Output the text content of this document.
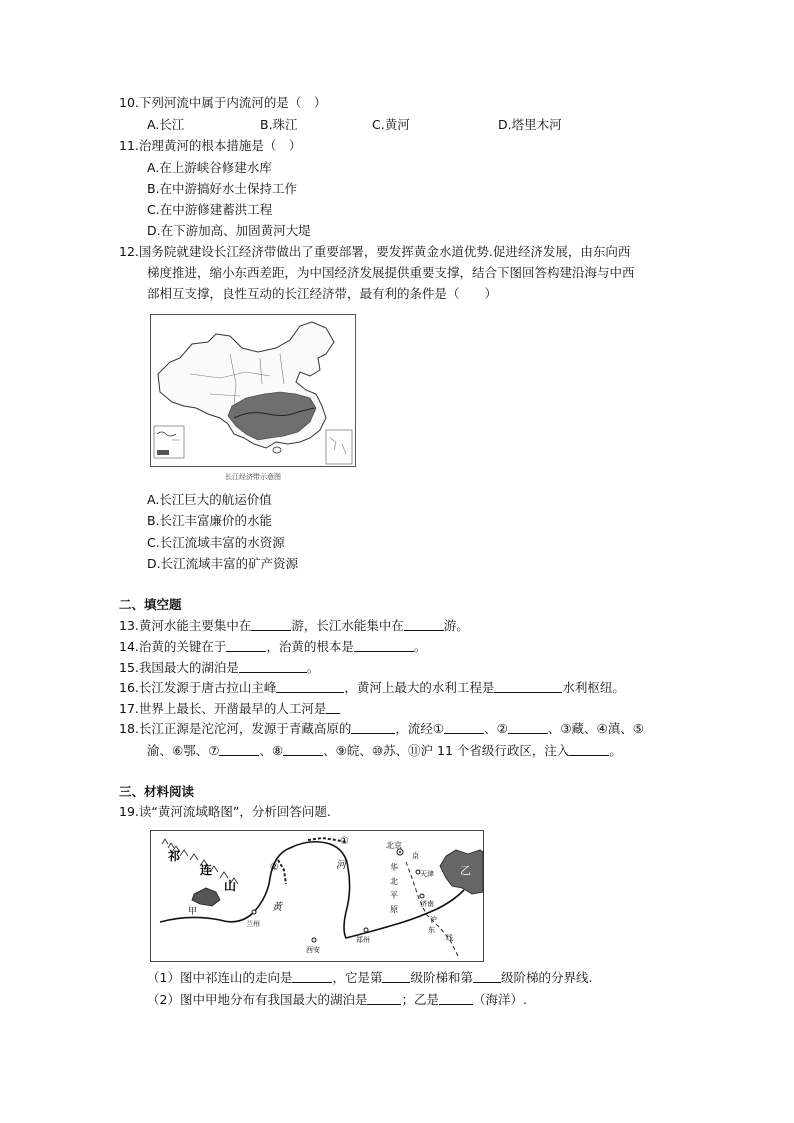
10.下列河流中属于内流河的是（　）
A.长江	B.珠江	C.黄河	D.塔里木河
11.治理黄河的根本措施是（　）
A.在上游峡谷修建水库
B.在中游搞好水土保持工作
C.在中游修建蓄洪工程
D.在下游加高、加固黄河大堤
12.国务院就建设长江经济带做出了重要部署，要发挥黄金水道优势.促进经济发展，由东向西
梯度推进，缩小东西差距，为中国经济发展提供重要支撑，结合下图回答构建沿海与中西
部相互支撑，良性互动的长江经济带，最有利的条件是（　　）
长江经济带示意图
A.长江巨大的航运价值
B.长江丰富廉价的水能
C.长江流域丰富的水资源
D.长江流域丰富的矿产资源
二、填空题
13.黄河水能主要集中在	游，长江水能集中在	游。
14.治黄的关键在于	，治黄的根本是	。
15.我国最大的湖泊是	。
16.长江发源于唐古拉山主峰	，黄河上最大的水利工程是	水利枢纽。
17.世界上最长、开凿最早的人工河是
18.长江正源是沱沱河，发源于青藏高原的	，流经①	、②	、③藏、④滇、⑤
渝、⑥鄂、⑦	、⑧	、⑨皖、⑩苏、⑪沪 11 个省级行政区，注入	。
三、材料阅读
19.读“黄河流域略图”，分析回答问题.
祁
连
山
甲
乙
北京
天津
济南
郑州
西安
兰州
华
北
平
原
河
黄
①
②
京
沪
东
线
（1）图中祁连山的走向是	，它是第 级阶梯和第 级阶梯的分界线.
（2）图中甲地分布有我国最大的湖泊是	；乙是	（海洋）.
